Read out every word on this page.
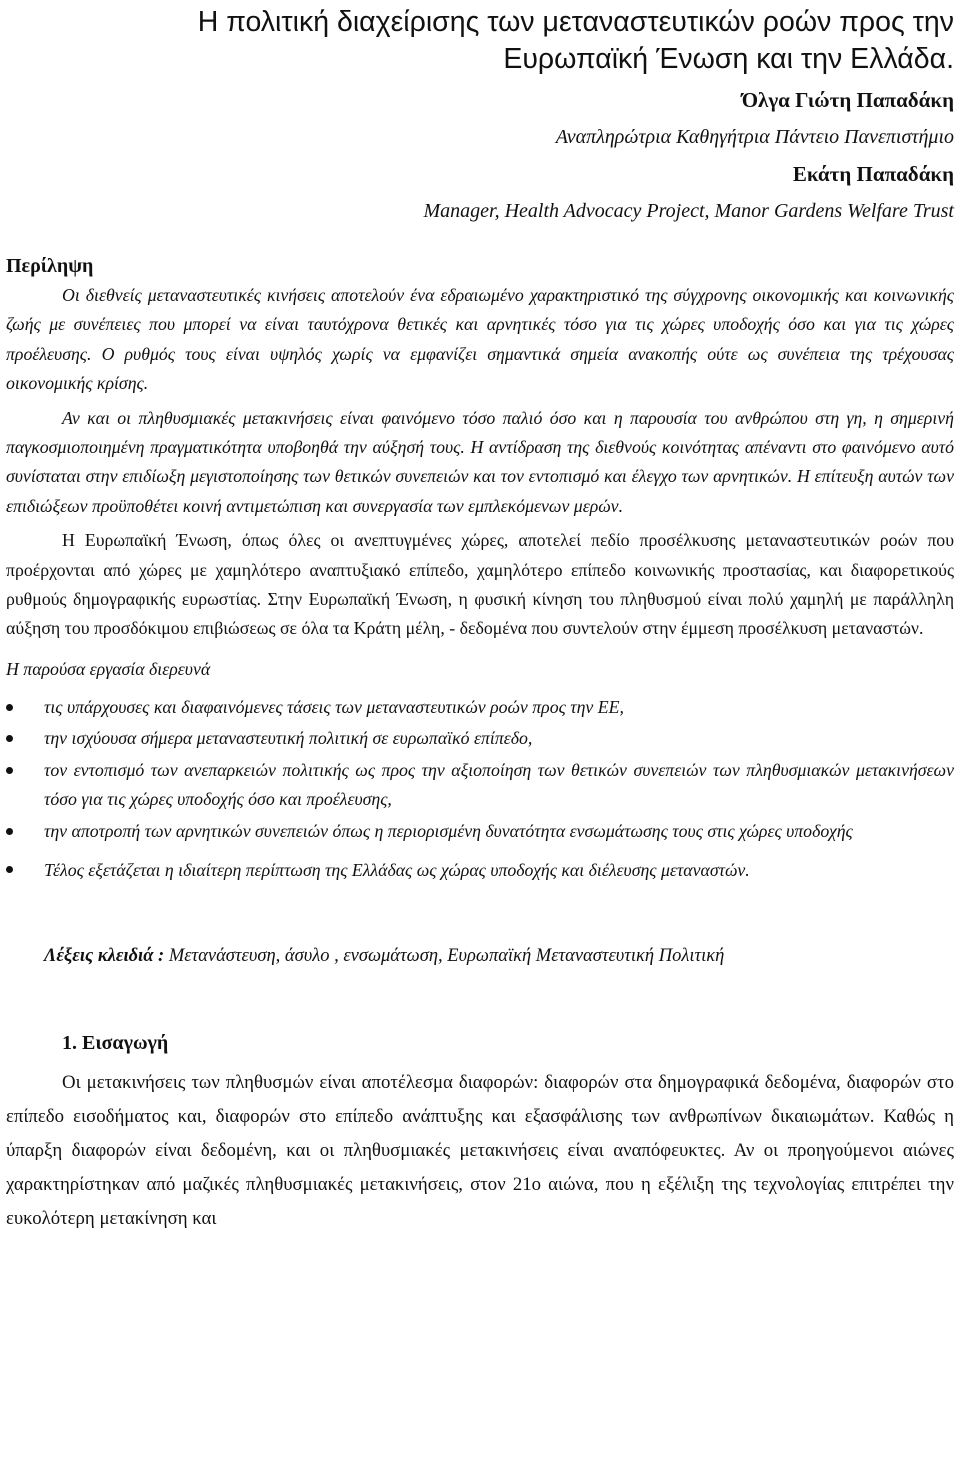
Η πολιτική διαχείρισης των μεταναστευτικών ροών προς την
Ευρωπαϊκή Ένωση και την Ελλάδα.
Όλγα Γιώτη Παπαδάκη
Αναπληρώτρια Καθηγήτρια Πάντειο Πανεπιστήμιο
Εκάτη Παπαδάκη
Manager, Health Advocacy Project, Manor Gardens Welfare Trust
Περίληψη

Οι διεθνείς μεταναστευτικές κινήσεις αποτελούν ένα εδραιωμένο χαρακτηριστικό της σύγχρονης οικονομικής και κοινωνικής ζωής με συνέπειες που μπορεί να είναι ταυτόχρονα θετικές και αρνητικές τόσο για τις χώρες υποδοχής όσο και για τις χώρες προέλευσης. Ο ρυθμός τους είναι υψηλός χωρίς να εμφανίζει σημαντικά σημεία ανακοπής ούτε ως συνέπεια της τρέχουσας οικονομικής κρίσης.

Αν και οι πληθυσμιακές μετακινήσεις είναι φαινόμενο τόσο παλιό όσο και η παρουσία του ανθρώπου στη γη, η σημερινή παγκοσμιοποιημένη πραγματικότητα υποβοηθά την αύξησή τους. Η αντίδραση της διεθνούς κοινότητας απέναντι στο φαινόμενο αυτό συνίσταται στην επιδίωξη μεγιστοποίησης των θετικών συνεπειών και τον εντοπισμό και έλεγχο των αρνητικών. Η επίτευξη αυτών των επιδιώξεων προϋποθέτει κοινή αντιμετώπιση και συνεργασία των εμπλεκόμενων μερών.

Η Ευρωπαϊκή Ένωση, όπως όλες οι ανεπτυγμένες χώρες, αποτελεί πεδίο προσέλκυσης μεταναστευτικών ροών που προέρχονται από χώρες με χαμηλότερο αναπτυξιακό επίπεδο, χαμηλότερο επίπεδο κοινωνικής προστασίας, και διαφορετικούς ρυθμούς δημογραφικής ευρωστίας. Στην Ευρωπαϊκή Ένωση, η φυσική κίνηση του πληθυσμού είναι πολύ χαμηλή με παράλληλη αύξηση του προσδόκιμου επιβιώσεως σε όλα τα Κράτη μέλη, - δεδομένα που συντελούν στην έμμεση προσέλκυση μεταναστών.

Η παρούσα εργασία διερευνά
τις υπάρχουσες και διαφαινόμενες τάσεις των μεταναστευτικών ροών προς την ΕΕ,
την ισχύουσα σήμερα μεταναστευτική πολιτική σε ευρωπαϊκό επίπεδο,
τον εντοπισμό των ανεπαρκειών πολιτικής ως προς την αξιοποίηση των θετικών συνεπειών των πληθυσμιακών μετακινήσεων τόσο για τις χώρες υποδοχής όσο και προέλευσης,
την αποτροπή των αρνητικών συνεπειών όπως η περιορισμένη δυνατότητα ενσωμάτωσης τους στις χώρες υποδοχής
Τέλος εξετάζεται η ιδιαίτερη περίπτωση της Ελλάδας ως χώρας υποδοχής και διέλευσης μεταναστών.
Λέξεις κλειδιά : Μετανάστευση, άσυλο , ενσωμάτωση, Ευρωπαϊκή Μεταναστευτική Πολιτική
1. Εισαγωγή

Οι μετακινήσεις των πληθυσμών είναι αποτέλεσμα διαφορών: διαφορών στα δημογραφικά δεδομένα, διαφορών στο επίπεδο εισοδήματος και, διαφορών στο επίπεδο ανάπτυξης και εξασφάλισης των ανθρωπίνων δικαιωμάτων. Καθώς η ύπαρξη διαφορών είναι δεδομένη, και οι πληθυσμιακές μετακινήσεις είναι αναπόφευκτες. Αν οι προηγούμενοι αιώνες χαρακτηρίστηκαν από μαζικές πληθυσμιακές μετακινήσεις, στον 21ο αιώνα, που η εξέλιξη της τεχνολογίας επιτρέπει την ευκολότερη μετακίνηση και
